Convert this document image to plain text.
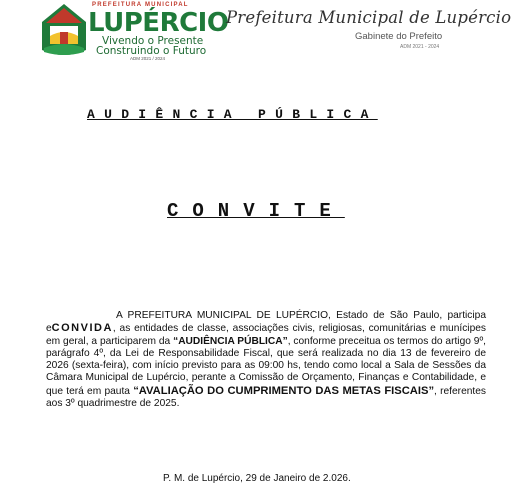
PREFEITURA MUNICIPAL
LUPÉRCIO
Vivendo o Presente
Construindo o Futuro
ADM 2021 / 2024
Prefeitura Municipal de Lupércio
Gabinete do Prefeito
ADM 2021 - 2024
AUDIÊNCIA PÚBLICA
CONVITE
A PREFEITURA MUNICIPAL DE LUPÉRCIO, Estado de São Paulo, participa eCONVIDA, as entidades de classe, associações civis, religiosas, comunitárias e munícipes em geral, a participarem da “AUDIÊNCIA PÚBLICA”, conforme preceitua os termos do artigo 9º, parágrafo 4º, da Lei de Responsabilidade Fiscal, que será realizada no dia 13 de fevereiro de 2026 (sexta-feira), com início previsto para as 09:00 hs, tendo como local a Sala de Sessões da Câmara Municipal de Lupércio, perante a Comissão de Orçamento, Finanças e Contabilidade, e que terá em pauta “AVALIAÇÃO DO CUMPRIMENTO DAS METAS FISCAIS”, referentes aos 3º quadrimestre de 2025.
P. M. de Lupércio, 29 de Janeiro de 2.026.
